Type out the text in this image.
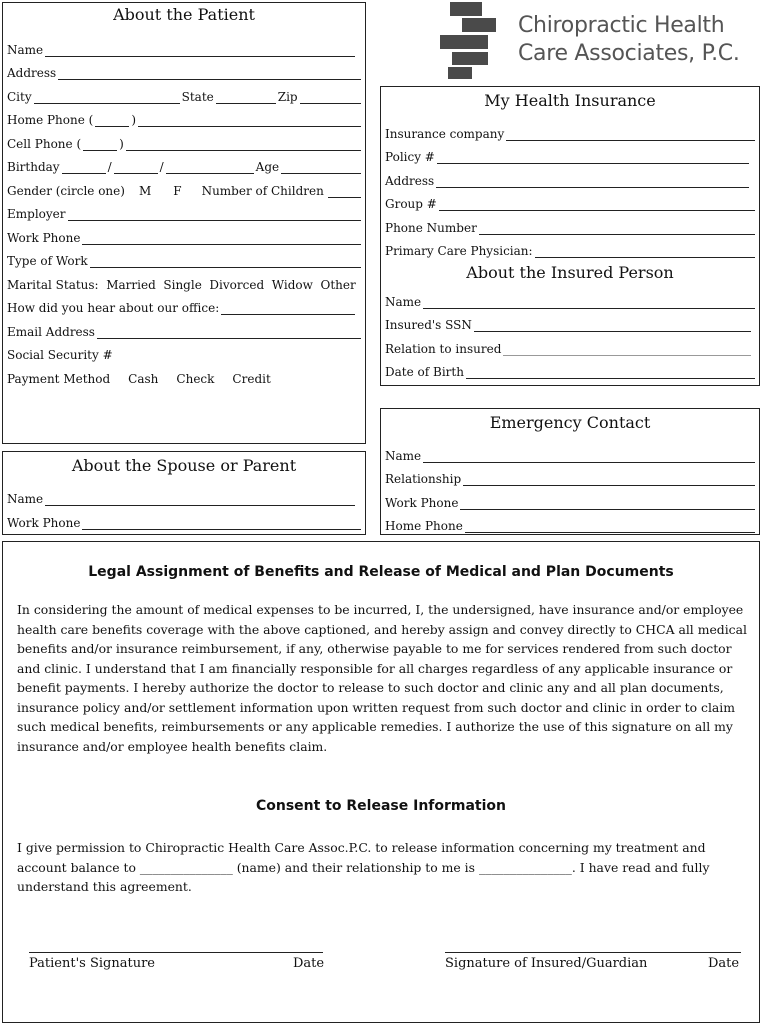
Chiropractic Health
Care Associates, P.C.
About the Patient
Name
Address
City	State	Zip
Home Phone (	)
Cell Phone (	)
Birthday	/	/	Age
Gender (circle one) M F Number of Children
Employer
Work Phone
Type of Work
Marital Status:  Married  Single  Divorced  Widow  Other
How did you hear about our office:
Email Address
Social Security #
Payment Method Cash Check Credit
About the Spouse or Parent
Name
Work Phone
My Health Insurance
Insurance company
Policy #
Address
Group #
Phone Number
Primary Care Physician:
About the Insured Person
Name
Insured's SSN
Relation to insured
Date of Birth
Emergency Contact
Name
Relationship
Work Phone
Home Phone
Legal Assignment of Benefits and Release of Medical and Plan Documents

In considering the amount of medical expenses to be incurred, I, the undersigned, have insurance and/or employee health care benefits coverage with the above captioned, and hereby assign and convey directly to CHCA all medical benefits and/or insurance reimbursement, if any, otherwise payable to me for services rendered from such doctor and clinic. I understand that I am financially responsible for all charges regardless of any applicable insurance or benefit payments. I hereby authorize the doctor to release to such doctor and clinic any and all plan documents, insurance policy and/or settlement information upon written request from such doctor and clinic in order to claim such medical benefits, reimbursements or any applicable remedies. I authorize the use of this signature on all my insurance and/or employee health benefits claim.

Consent to Release Information

I give permission to Chiropractic Health Care Assoc.P.C. to release information concerning my treatment and account balance to _______________ (name) and their relationship to me is _______________. I have read and fully understand this agreement.

Patient's Signature	Date	Signature of Insured/Guardian	Date
